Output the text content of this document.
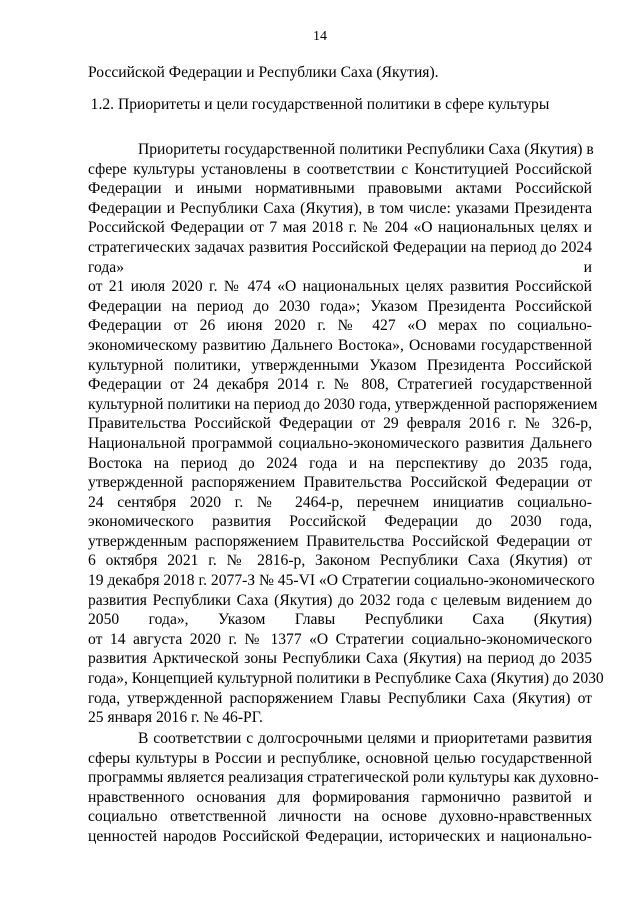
14
Российской Федерации и Республики Саха (Якутия).
1.2. Приоритеты и цели государственной политики в сфере культуры
Приоритеты государственной политики Республики Саха (Якутия) в
сфере культуры установлены в соответствии с Конституцией Российской
Федерации и иными нормативными правовыми актами Российской
Федерации и Республики Саха (Якутия), в том числе: указами Президента
Российской Федерации от 7 мая 2018 г. № 204 «О национальных целях и
стратегических задачах развития Российской Федерации на период до 2024
года» и
от 21 июля 2020 г. № 474 «О национальных целях развития Российской
Федерации на период до 2030 года»; Указом Президента Российской
Федерации от 26 июня 2020 г. № 427 «О мерах по социально-
экономическому развитию Дальнего Востока», Основами государственной
культурной политики, утвержденными Указом Президента Российской
Федерации от 24 декабря 2014 г. № 808, Стратегией государственной
культурной политики на период до 2030 года, утвержденной распоряжением
Правительства Российской Федерации от 29 февраля 2016 г. № 326-р,
Национальной программой социально-экономического развития Дальнего
Востока на период до 2024 года и на перспективу до 2035 года,
утвержденной распоряжением Правительства Российской Федерации от
24 сентября 2020 г. № 2464-р, перечнем инициатив социально-
экономического развития Российской Федерации до 2030 года,
утвержденным распоряжением Правительства Российской Федерации от
6 октября 2021 г. № 2816-р, Законом Республики Саха (Якутия) от
19 декабря 2018 г. 2077-З № 45-VI «О Стратегии социально-экономического
развития Республики Саха (Якутия) до 2032 года с целевым видением до
2050 года», Указом Главы Республики Саха (Якутия)
от 14 августа 2020 г. № 1377 «О Стратегии социально-экономического
развития Арктической зоны Республики Саха (Якутия) на период до 2035
года», Концепцией культурной политики в Республике Саха (Якутия) до 2030
года, утвержденной распоряжением Главы Республики Саха (Якутия) от
25 января 2016 г. № 46-РГ.
В соответствии с долгосрочными целями и приоритетами развития
сферы культуры в России и республике, основной целью государственной
программы является реализация стратегической роли культуры как духовно-
нравственного основания для формирования гармонично развитой и
социально ответственной личности на основе духовно-нравственных
ценностей народов Российской Федерации, исторических и национально-
